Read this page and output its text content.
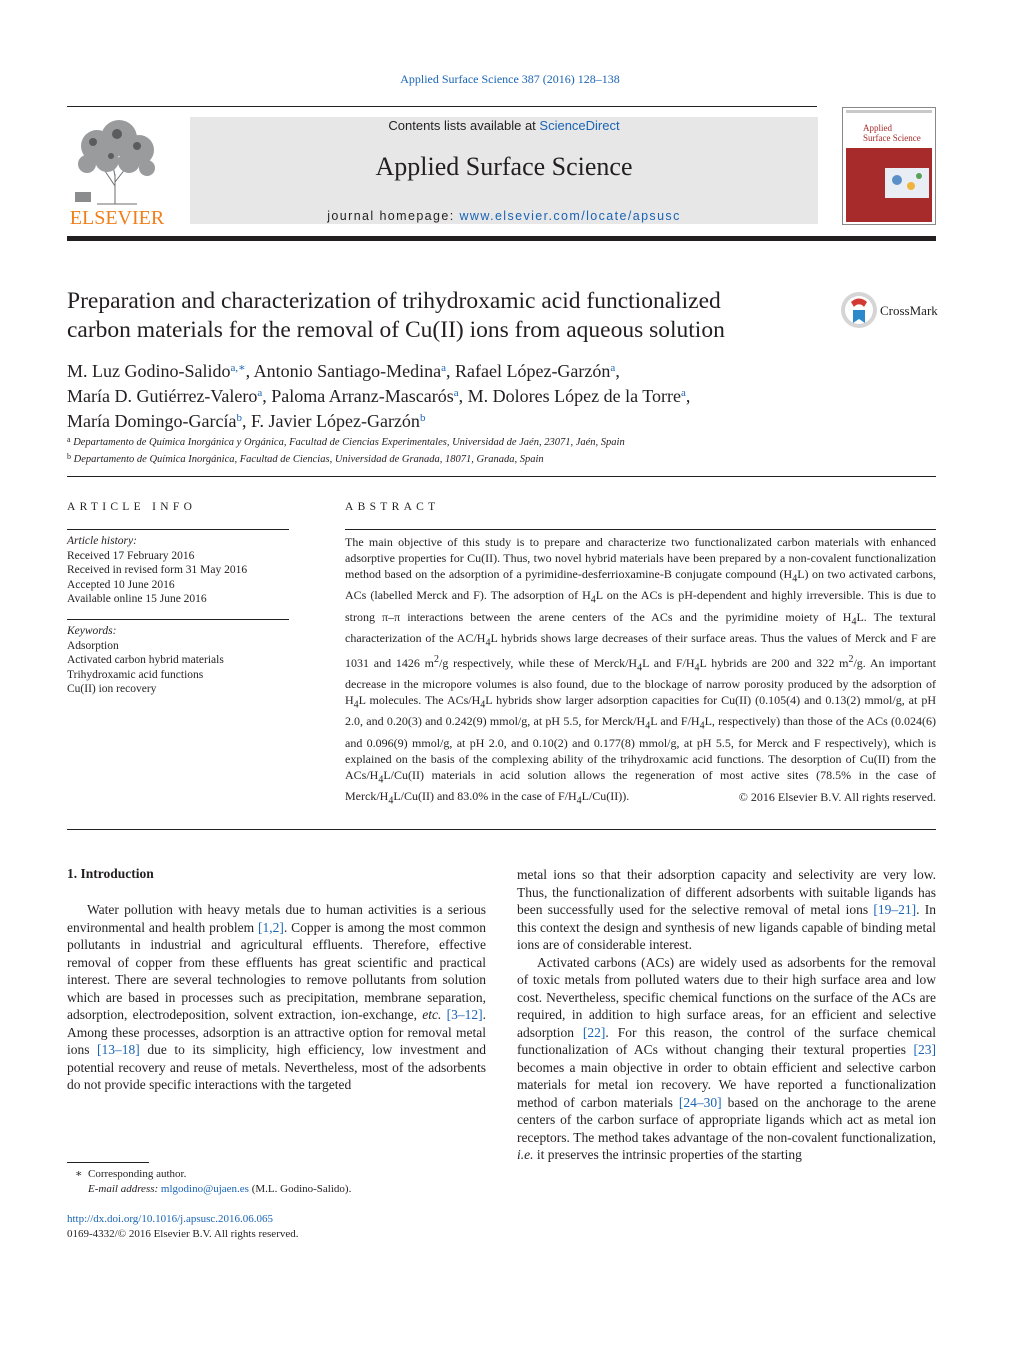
Applied Surface Science 387 (2016) 128–138
ELSEVIER
Contents lists available at ScienceDirect
Applied Surface Science
journal homepage: www.elsevier.com/locate/apsusc
Applied
Surface Science
Preparation and characterization of trihydroxamic acid functionalized
carbon materials for the removal of Cu(II) ions from aqueous solution
CrossMark
M. Luz Godino-Salido$^{a,∗}$, Antonio Santiago-Medina$^a$, Rafael López-Garzón$^a$,
María D. Gutiérrez-Valero$^a$, Paloma Arranz-Mascarós$^a$, M. Dolores López de la Torre$^a$,
María Domingo-García$^b$, F. Javier López-Garzón$^b$
$^a$ Departamento de Química Inorgánica y Orgánica, Facultad de Ciencias Experimentales, Universidad de Jaén, 23071, Jaén, Spain
$^b$ Departamento de Química Inorgánica, Facultad de Ciencias, Universidad de Granada, 18071, Granada, Spain
ARTICLE INFO
Article history:
Received 17 February 2016
Received in revised form 31 May 2016
Accepted 10 June 2016
Available online 15 June 2016
Keywords:
Adsorption
Activated carbon hybrid materials
Trihydroxamic acid functions
Cu(II) ion recovery
ABSTRACT
The main objective of this study is to prepare and characterize two functionalizated carbon materials with enhanced adsorptive properties for Cu(II). Thus, two novel hybrid materials have been prepared by a non-covalent functionalization method based on the adsorption of a pyrimidine-desferrioxamine-B conjugate compound $(H_4L)$ on two activated carbons, ACs (labelled Merck and F). The adsorption of $H_4L$ on the ACs is pH-dependent and highly irreversible. This is due to strong π–π interactions between the arene centers of the ACs and the pyrimidine moiety of $H_4L$. The textural characterization of the $AC/H_4L$ hybrids shows large decreases of their surface areas. Thus the values of Merck and F are 1031 and 1426 $m^2/g$ respectively, while these of Merck/$H_4L$ and $F/H_4L$ hybrids are 200 and 322 $m^2/g$. An important decrease in the micropore volumes is also found, due to the blockage of narrow porosity produced by the adsorption of $H_4L$ molecules. The ACs/$H_4L$ hybrids show larger adsorption capacities for Cu(II) (0.105(4) and 0.13(2) mmol/g, at pH 2.0, and 0.20(3) and 0.242(9) mmol/g, at pH 5.5, for Merck/$H_4L$ and $F/H_4L$, respectively) than those of the ACs (0.024(6) and 0.096(9) mmol/g, at pH 2.0, and 0.10(2) and 0.177(8) mmol/g, at pH 5.5, for Merck and F respectively), which is explained on the basis of the complexing ability of the trihydroxamic acid functions. The desorption of Cu(II) from the ACs/$H_4L/Cu(II)$ materials in acid solution allows the regeneration of most active sites (78.5% in the case of Merck/$H_4L/Cu(II)$ and 83.0% in the case of $F/H_4L/Cu(II)$).	© 2016 Elsevier B.V. All rights reserved.
1. Introduction

Water pollution with heavy metals due to human activities is a serious environmental and health problem [1,2]. Copper is among the most common pollutants in industrial and agricultural effluents. Therefore, effective removal of copper from these effluents has great scientific and practical interest. There are several technologies to remove pollutants from solution which are based in processes such as precipitation, membrane separation, adsorption, electrodeposition, solvent extraction, ion-exchange, etc. [3–12]. Among these processes, adsorption is an attractive option for removal metal ions [13–18] due to its simplicity, high efficiency, low investment and potential recovery and reuse of metals. Nevertheless, most of the adsorbents do not provide specific interactions with the targeted

metal ions so that their adsorption capacity and selectivity are very low. Thus, the functionalization of different adsorbents with suitable ligands has been successfully used for the selective removal of metal ions [19–21]. In this context the design and synthesis of new ligands capable of binding metal ions are of considerable interest.

Activated carbons (ACs) are widely used as adsorbents for the removal of toxic metals from polluted waters due to their high surface area and low cost. Nevertheless, specific chemical functions on the surface of the ACs are required, in addition to high surface areas, for an efficient and selective adsorption [22]. For this reason, the control of the surface chemical functionalization of ACs without changing their textural properties [23] becomes a main objective in order to obtain efficient and selective carbon materials for metal ion recovery. We have reported a functionalization method of carbon materials [24–30] based on the anchorage to the arene centers of the carbon surface of appropriate ligands which act as metal ion receptors. The method takes advantage of the non-covalent functionalization, i.e. it preserves the intrinsic properties of the starting

∗ Corresponding author.
E-mail address: mlgodino@ujaen.es (M.L. Godino-Salido).
http://dx.doi.org/10.1016/j.apsusc.2016.06.065
0169-4332/© 2016 Elsevier B.V. All rights reserved.
